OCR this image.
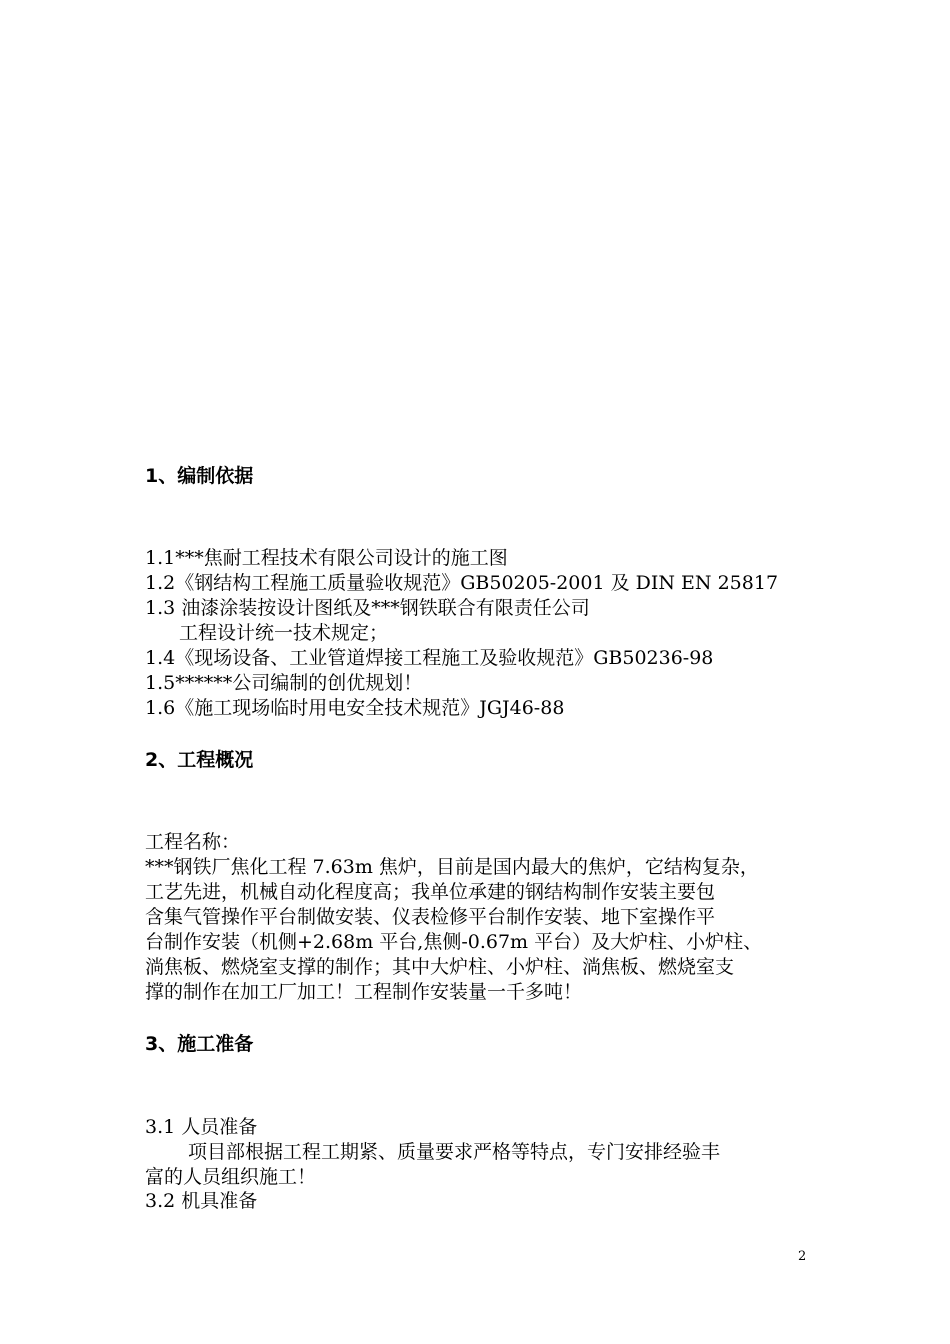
1、编制依据
1.1***焦耐工程技术有限公司设计的施工图
1.2《钢结构工程施工质量验收规范》GB50205-2001 及 DIN EN 25817
1.3 油漆涂装按设计图纸及***钢铁联合有限责任公司
工程设计统一技术规定；
1.4《现场设备、工业管道焊接工程施工及验收规范》GB50236-98
1.5******公司编制的创优规划！
1.6《施工现场临时用电安全技术规范》JGJ46-88
2、工程概况
工程名称：
***钢铁厂焦化工程 7.63m 焦炉，目前是国内最大的焦炉，它结构复杂，
工艺先进，机械自动化程度高；我单位承建的钢结构制作安装主要包
含集气管操作平台制做安装、仪表检修平台制作安装、地下室操作平
台制作安装（机侧+2.68m 平台,焦侧-0.67m 平台）及大炉柱、小炉柱、
淌焦板、燃烧室支撑的制作；其中大炉柱、小炉柱、淌焦板、燃烧室支
撑的制作在加工厂加工！工程制作安装量一千多吨！
3、施工准备
3.1 人员准备
项目部根据工程工期紧、质量要求严格等特点，专门安排经验丰
富的人员组织施工！
3.2 机具准备
2
